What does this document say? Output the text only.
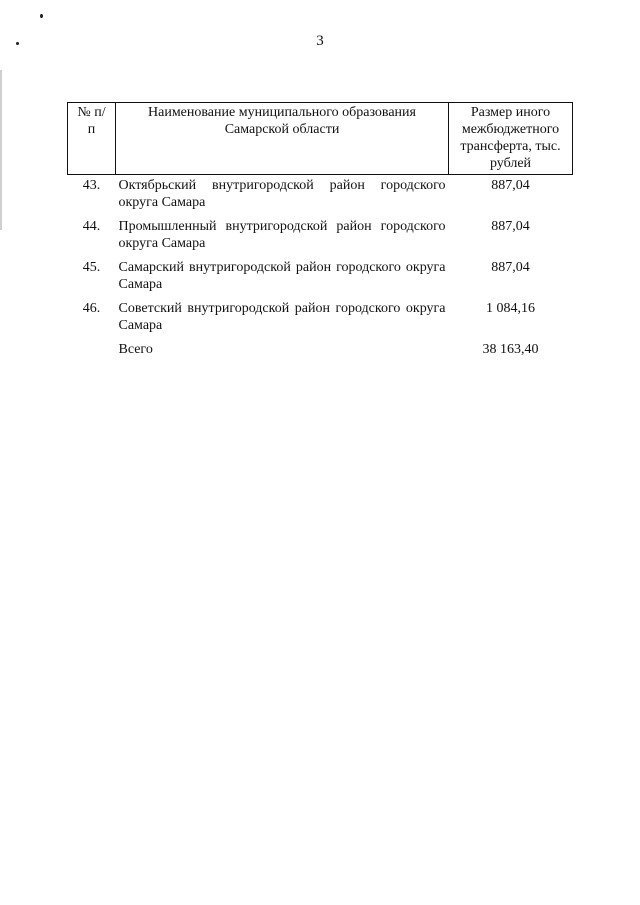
3
№ п/п	Наименование муниципального образования Самарской области	Размер иного межбюджетного трансферта, тыс. рублей

43.	Октябрьский внутригородской район городского округа Самара	887,04
44.	Промышленный внутригородской район городского округа Самара	887,04
45.	Самарский внутригородской район городского округа Самара	887,04
46.	Советский внутригородской район городского округа Самара	1 084,16
	Всего	38 163,40
